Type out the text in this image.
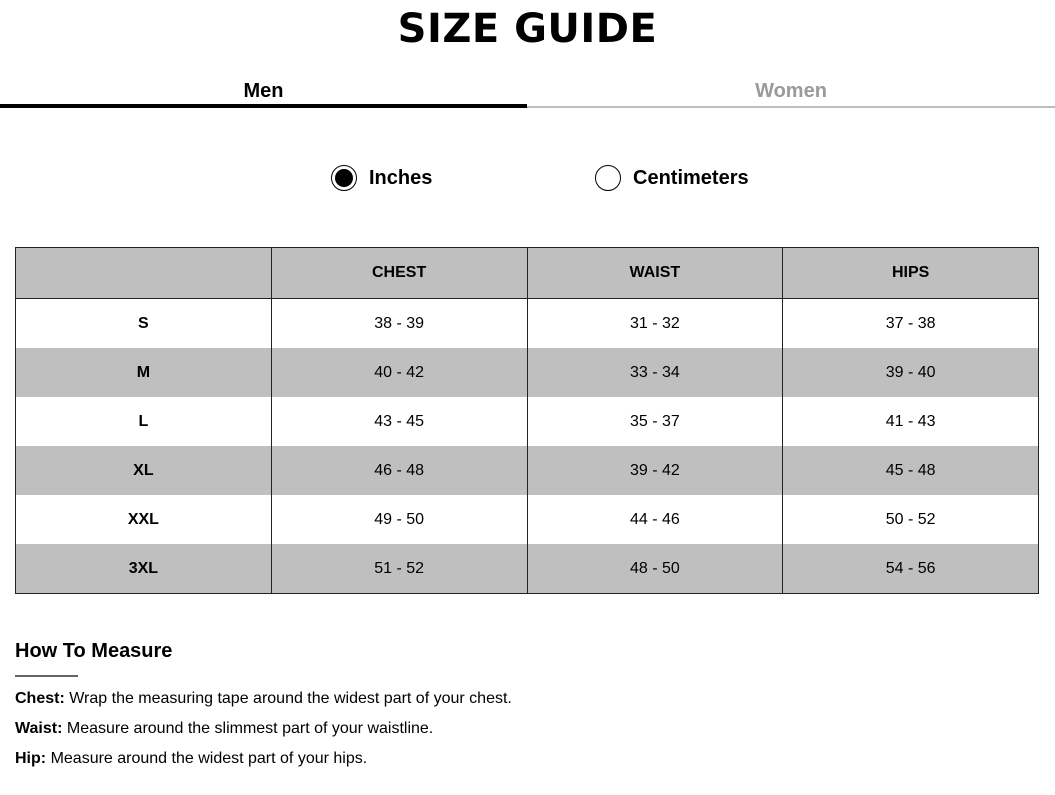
SIZE GUIDE
Men	Women
Inches	Centimeters
	CHEST	WAIST	HIPS
S	38 - 39	31 - 32	37 - 38
M	40 - 42	33 - 34	39 - 40
L	43 - 45	35 - 37	41 - 43
XL	46 - 48	39 - 42	45 - 48
XXL	49 - 50	44 - 46	50 - 52
3XL	51 - 52	48 - 50	54 - 56
How To Measure

Chest: Wrap the measuring tape around the widest part of your chest.

Waist: Measure around the slimmest part of your waistline.

Hip: Measure around the widest part of your hips.
